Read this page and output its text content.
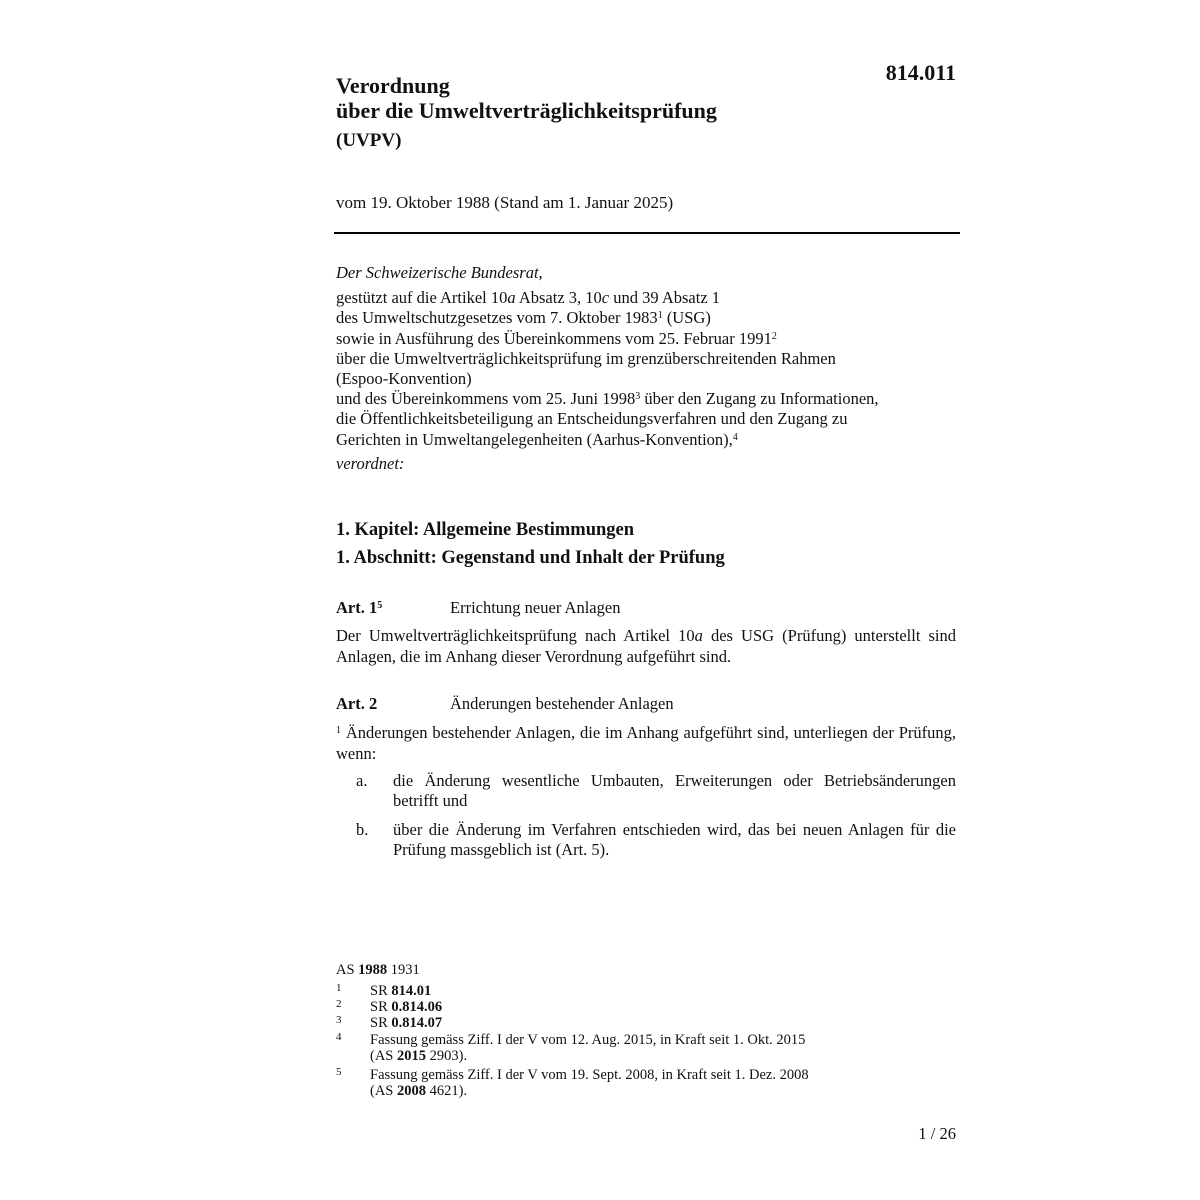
814.011
Verordnung
über die Umweltverträglichkeitsprüfung
(UVPV)
vom 19. Oktober 1988 (Stand am 1. Januar 2025)
Der Schweizerische Bundesrat,
gestützt auf die Artikel 10a Absatz 3, 10c und 39 Absatz 1
des Umweltschutzgesetzes vom 7. Oktober 1983$^1$ (USG)
sowie in Ausführung des Übereinkommens vom 25. Februar 1991$^2$
über die Umweltverträglichkeitsprüfung im grenzüberschreitenden Rahmen
(Espoo-Konvention)
und des Übereinkommens vom 25. Juni 1998$^3$ über den Zugang zu Informationen,
die Öffentlichkeitsbeteiligung an Entscheidungsverfahren und den Zugang zu
Gerichten in Umweltangelegenheiten (Aarhus-Konvention),$^4$
verordnet:
1. Kapitel: Allgemeine Bestimmungen
1. Abschnitt: Gegenstand und Inhalt der Prüfung
Art. $1^5$	Errichtung neuer Anlagen
Der Umweltverträglichkeitsprüfung nach Artikel 10a des USG (Prüfung) unterstellt sind Anlagen, die im Anhang dieser Verordnung aufgeführt sind.
Art. 2	Änderungen bestehender Anlagen
$^1$ Änderungen bestehender Anlagen, die im Anhang aufgeführt sind, unterliegen der Prüfung, wenn:
a. die Änderung wesentliche Umbauten, Erweiterungen oder Betriebsänderungen betrifft und
b. über die Änderung im Verfahren entschieden wird, das bei neuen Anlagen für die Prüfung massgeblich ist (Art. 5).
AS 1988 1931
1 SR 814.01
2 SR 0.814.06
3 SR 0.814.07
4 Fassung gemäss Ziff. I der V vom 12. Aug. 2015, in Kraft seit 1. Okt. 2015
(AS 2015 2903).
5 Fassung gemäss Ziff. I der V vom 19. Sept. 2008, in Kraft seit 1. Dez. 2008
(AS 2008 4621).
1 / 26
